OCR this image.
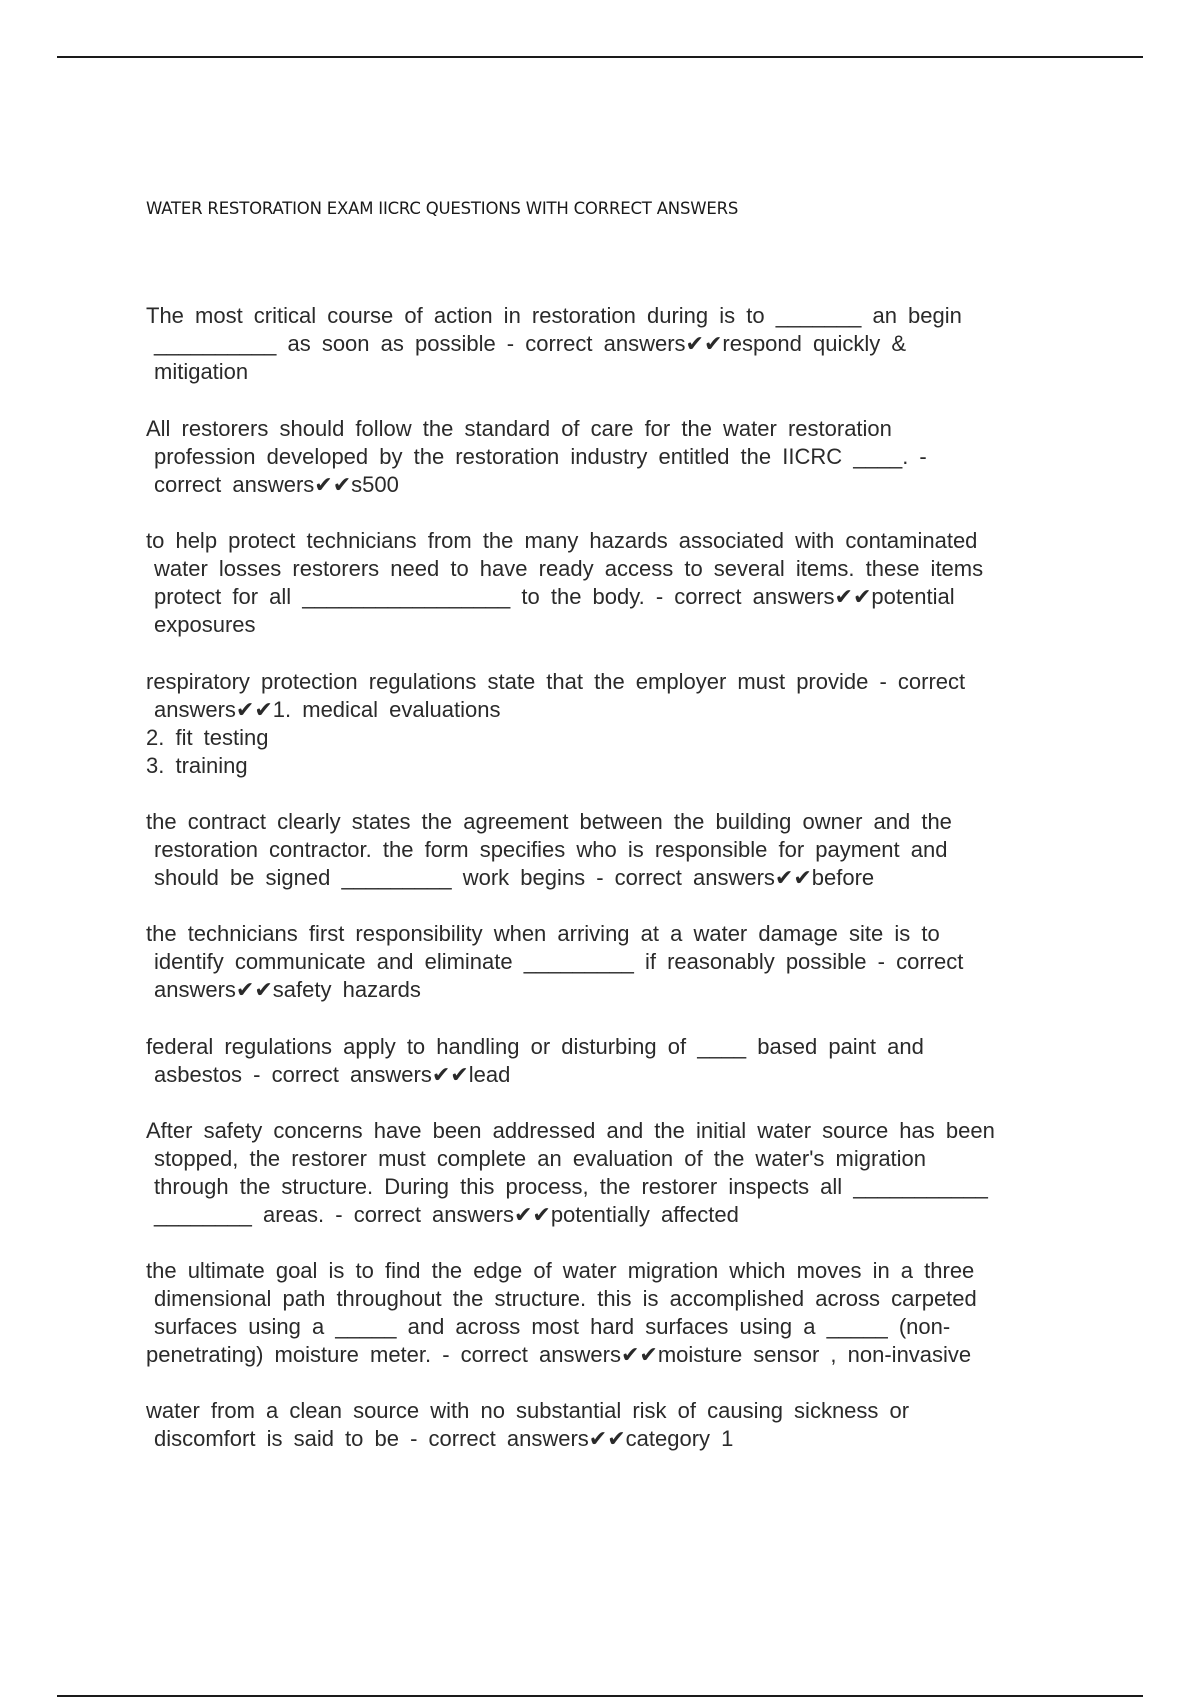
WATER RESTORATION EXAM IICRC QUESTIONS WITH CORRECT ANSWERS
The most critical course of action in restoration during is to _______ an begin
__________ as soon as possible - correct answers✔✔respond quickly &
mitigation
All restorers should follow the standard of care for the water restoration
profession developed by the restoration industry entitled the IICRC ____. -
correct answers✔✔s500
to help protect technicians from the many hazards associated with contaminated
water losses restorers need to have ready access to several items. these items
protect for all _________________ to the body. - correct answers✔✔potential
exposures
respiratory protection regulations state that the employer must provide - correct
answers✔✔1. medical evaluations
2. fit testing
3. training
the contract clearly states the agreement between the building owner and the
restoration contractor. the form specifies who is responsible for payment and
should be signed _________ work begins - correct answers✔✔before
the technicians first responsibility when arriving at a water damage site is to
identify communicate and eliminate _________ if reasonably possible - correct
answers✔✔safety hazards
federal regulations apply to handling or disturbing of ____ based paint and
asbestos - correct answers✔✔lead
After safety concerns have been addressed and the initial water source has been
stopped, the restorer must complete an evaluation of the water's migration
through the structure. During this process, the restorer inspects all ___________
________ areas. - correct answers✔✔potentially affected
the ultimate goal is to find the edge of water migration which moves in a three
dimensional path throughout the structure. this is accomplished across carpeted
surfaces using a _____ and across most hard surfaces using a _____ (non-
penetrating) moisture meter. - correct answers✔✔moisture sensor , non-invasive
water from a clean source with no substantial risk of causing sickness or
discomfort is said to be - correct answers✔✔category 1
